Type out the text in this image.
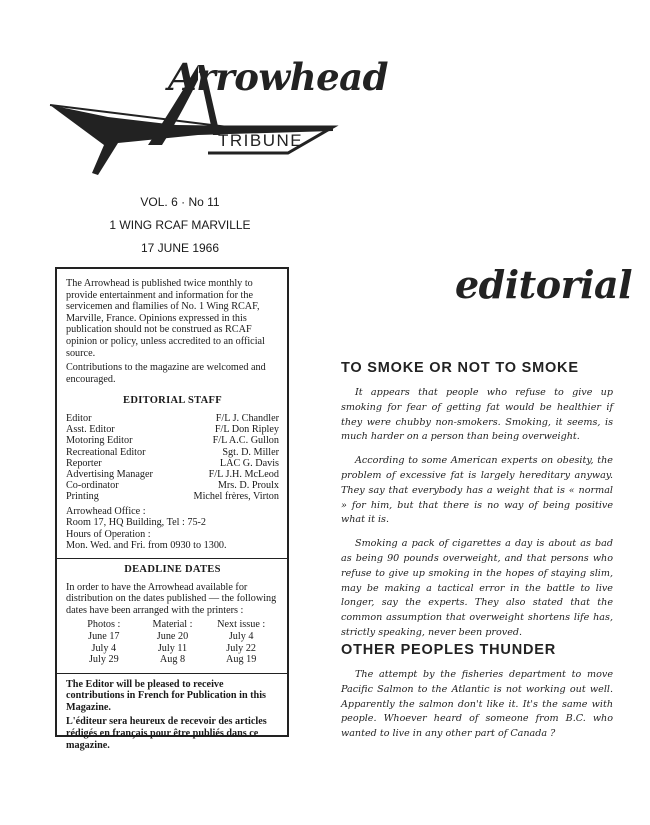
Arrowhead
TRIBUNE
VOL. 6 · No 11
1 WING RCAF MARVILLE
17 JUNE 1966

The Arrowhead is published twice monthly to provide entertainment and information for the servicemen and flamilies of No. 1 Wing RCAF, Marville, France. Opinions expressed in this publication should not be construed as RCAF opinion or policy, unless accredited to an official source.

Contributions to the magazine are welcomed and encouraged.

EDITORIAL STAFF
Editor	F/L J. Chandler
Asst. Editor	F/L Don Ripley
Motoring Editor	F/L A.C. Gullon
Recreational Editor	Sgt. D. Miller
Reporter	LAC G. Davis
Advertising Manager	F/L J.H. McLeod
Co-ordinator	Mrs. D. Proulx
Printing	Michel frères, Virton

Arrowhead Office :

Room 17, HQ Building, Tel : 75-2

Hours of Operation :

Mon. Wed. and Fri. from 0930 to 1300.

DEADLINE DATES

In order to have the Arrowhead available for distribution on the dates published — the following dates have been arranged with the printers :

Photos :	Material :	Next issue :
June 17	June 20	July 4
July 4	July 11	July 22
July 29	Aug 8	Aug 19

The Editor will be pleased to receive contributions in French for Publication in this Magazine.

L'éditeur sera heureux de recevoir des articles rédigés en français pour être publiés dans ce magazine.

editorial
TO SMOKE OR NOT TO SMOKE

It appears that people who refuse to give up smoking for fear of getting fat would be healthier if they were chubby non-smokers. Smoking, it seems, is much harder on a person than being overweight.

According to some American experts on obesity, the problem of excessive fat is largely hereditary anyway. They say that everybody has a weight that is « normal » for him, but that there is no way of being positive what it is.

Smoking a pack of cigarettes a day is about as bad as being 90 pounds overweight, and that persons who refuse to give up smoking in the hopes of staying slim, may be making a tactical error in the battle to live longer, say the experts. They also stated that the common assumption that overweight shortens life has, strictly speaking, never been proved.

OTHER PEOPLES THUNDER

The attempt by the fisheries department to move Pacific Salmon to the Atlantic is not working out well. Apparently the salmon don't like it. It's the same with people. Whoever heard of someone from B.C. who wanted to live in any other part of Canada ?
